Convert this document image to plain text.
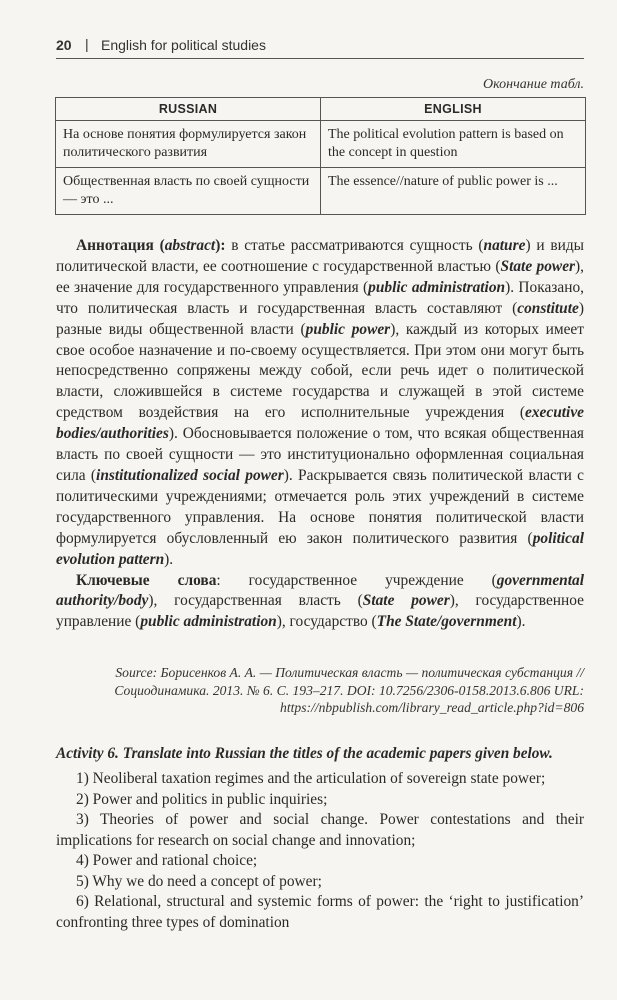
20 | English for political studies
Окончание табл.
RUSSIAN	ENGLISH
На основе понятия формулируется закон политического развития	The political evolution pattern is based on the concept in question
Общественная власть по своей сущности — это ...	The essence//nature of public power is ...

Аннотация (abstract): в статье рассматриваются сущность (nature) и виды политической власти, ее соотношение с государственной властью (State power), ее значение для государственного управления (public administration). Показано, что политическая власть и государственная власть составляют (constitute) разные виды общественной власти (public power), каждый из которых имеет свое особое назначение и по-своему осуществляется. При этом они могут быть непосредственно сопряжены между собой, если речь идет о политической власти, сложившейся в системе государства и служащей в этой системе средством воздействия на его исполнительные учреждения (executive bodies/authorities). Обосновывается положение о том, что всякая общественная власть по своей сущности — это институционально оформленная социальная сила (institutionalized social power). Раскрывается связь политической власти с политическими учреждениями; отмечается роль этих учреждений в системе государственного управления. На основе понятия политической власти формулируется обусловленный ею закон политического развития (political evolution pattern).

Ключевые слова: государственное учреждение (governmental authority/body), государственная власть (State power), государственное управление (public administration), государство (The State/government).

Source: Борисенков А. А. — Политическая власть — политическая субстанция // Социодинамика. 2013. № 6. С. 193–217. DOI: 10.7256/2306-0158.2013.6.806 URL: https://nbpublish.com/library_read_article.php?id=806
Activity 6. Translate into Russian the titles of the academic papers given below.

1) Neoliberal taxation regimes and the articulation of sovereign state power;

2) Power and politics in public inquiries;

3) Theories of power and social change. Power contestations and their implications for research on social change and innovation;

4) Power and rational choice;

5) Why we do need a concept of power;

6) Relational, structural and systemic forms of power: the ‘right to justification’ confronting three types of domination
